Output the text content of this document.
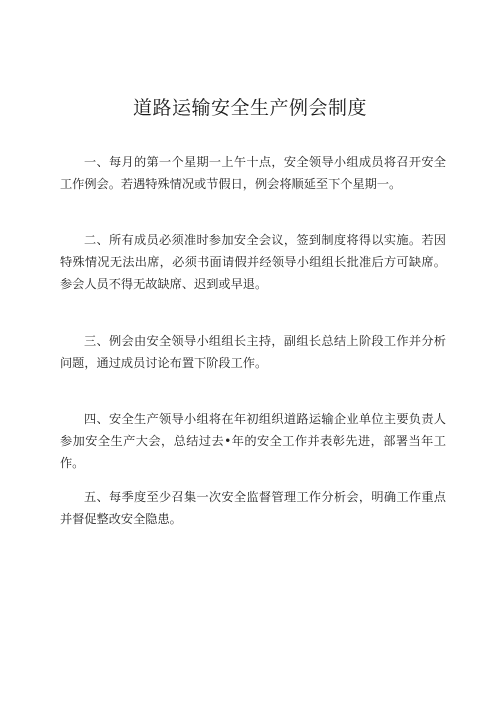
道路运输安全生产例会制度

一、每月的第一个星期一上午十点，安全领导小组成员将召开安全工作例会。若遇特殊情况或节假日，例会将顺延至下个星期一。

二、所有成员必须准时参加安全会议，签到制度将得以实施。若因特殊情况无法出席，必须书面请假并经领导小组组长批准后方可缺席。参会人员不得无故缺席、迟到或早退。

三、例会由安全领导小组组长主持，副组长总结上阶段工作并分析问题，通过成员讨论布置下阶段工作。

四、安全生产领导小组将在年初组织道路运输企业单位主要负责人参加安全生产大会，总结过去•年的安全工作并表彰先进，部署当年工作。

五、每季度至少召集一次安全监督管理工作分析会，明确工作重点并督促整改安全隐患。
